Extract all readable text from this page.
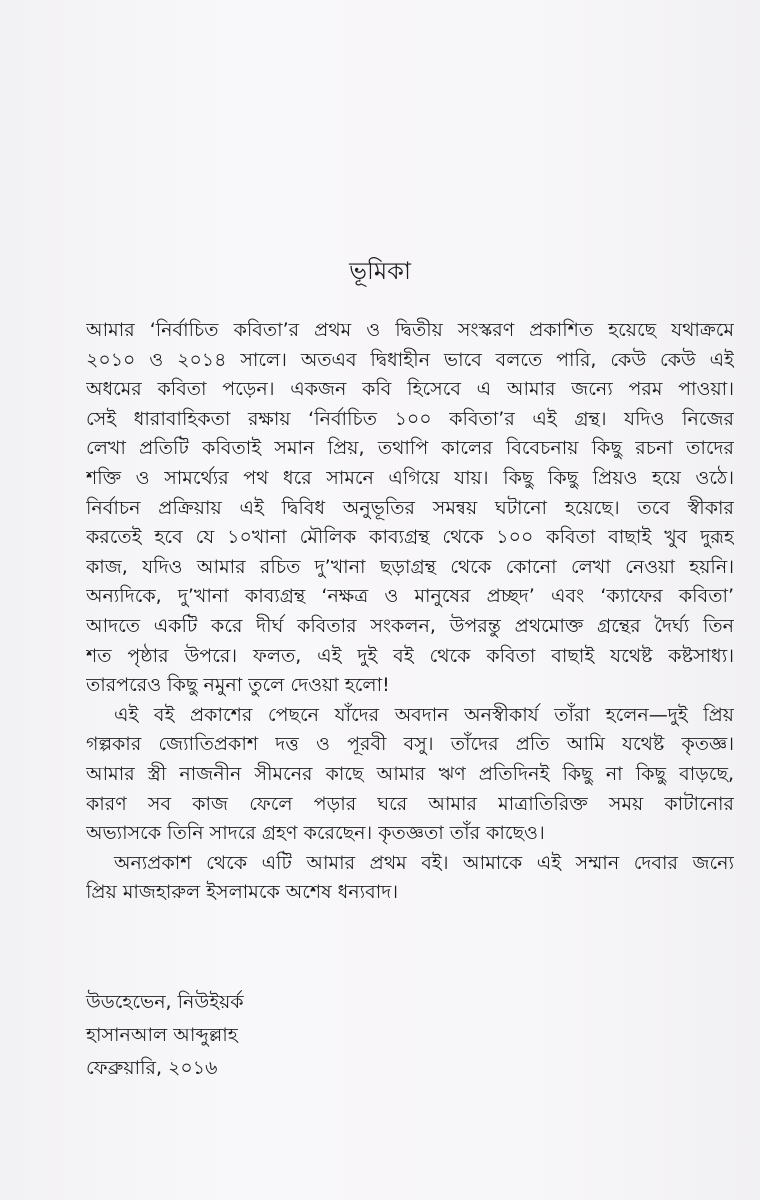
ভূমিকা
আমার ‘নির্বাচিত কবিতা’র প্রথম ও দ্বিতীয় সংস্করণ প্রকাশিত হয়েছে যথাক্রমে
২০১০ ও ২০১৪ সালে। অতএব দ্বিধাহীন ভাবে বলতে পারি, কেউ কেউ এই
অধমের কবিতা পড়েন। একজন কবি হিসেবে এ আমার জন্যে পরম পাওয়া।
সেই ধারাবাহিকতা রক্ষায় ‘নির্বাচিত ১০০ কবিতা’র এই গ্রন্থ। যদিও নিজের
লেখা প্রতিটি কবিতাই সমান প্রিয়, তথাপি কালের বিবেচনায় কিছু রচনা তাদের
শক্তি ও সামর্থ্যের পথ ধরে সামনে এগিয়ে যায়। কিছু কিছু প্রিয়ও হয়ে ওঠে।
নির্বাচন প্রক্রিয়ায় এই দ্বিবিধ অনুভূতির সমন্বয় ঘটানো হয়েছে। তবে স্বীকার
করতেই হবে যে ১০খানা মৌলিক কাব্যগ্রন্থ থেকে ১০০ কবিতা বাছাই খুব দুরূহ
কাজ, যদিও আমার রচিত দু’খানা ছড়াগ্রন্থ থেকে কোনো লেখা নেওয়া হয়নি।
অন্যদিকে, দু’খানা কাব্যগ্রন্থ ‘নক্ষত্র ও মানুষের প্রচ্ছদ’ এবং ‘ক্যাফের কবিতা’
আদতে একটি করে দীর্ঘ কবিতার সংকলন, উপরন্তু প্রথমোক্ত গ্রন্থের দৈর্ঘ্য তিন
শত পৃষ্ঠার উপরে। ফলত, এই দুই বই থেকে কবিতা বাছাই যথেষ্ট কষ্টসাধ্য।
তারপরেও কিছু নমুনা তুলে দেওয়া হলো!
এই বই প্রকাশের পেছনে যাঁদের অবদান অনস্বীকার্য তাঁরা হলেন—দুই প্রিয়
গল্পকার জ্যোতিপ্রকাশ দত্ত ও পূরবী বসু। তাঁদের প্রতি আমি যথেষ্ট কৃতজ্ঞ।
আমার স্ত্রী নাজনীন সীমনের কাছে আমার ঋণ প্রতিদিনই কিছু না কিছু বাড়ছে,
কারণ সব কাজ ফেলে পড়ার ঘরে আমার মাত্রাতিরিক্ত সময় কাটানোর
অভ্যাসকে তিনি সাদরে গ্রহণ করেছেন। কৃতজ্ঞতা তাঁর কাছেও।
অন্যপ্রকাশ থেকে এটি আমার প্রথম বই। আমাকে এই সম্মান দেবার জন্যে
প্রিয় মাজহারুল ইসলামকে অশেষ ধন্যবাদ।
উডহেভেন, নিউইয়র্ক
হাসানআল আব্দুল্লাহ
ফেব্রুয়ারি, ২০১৬
